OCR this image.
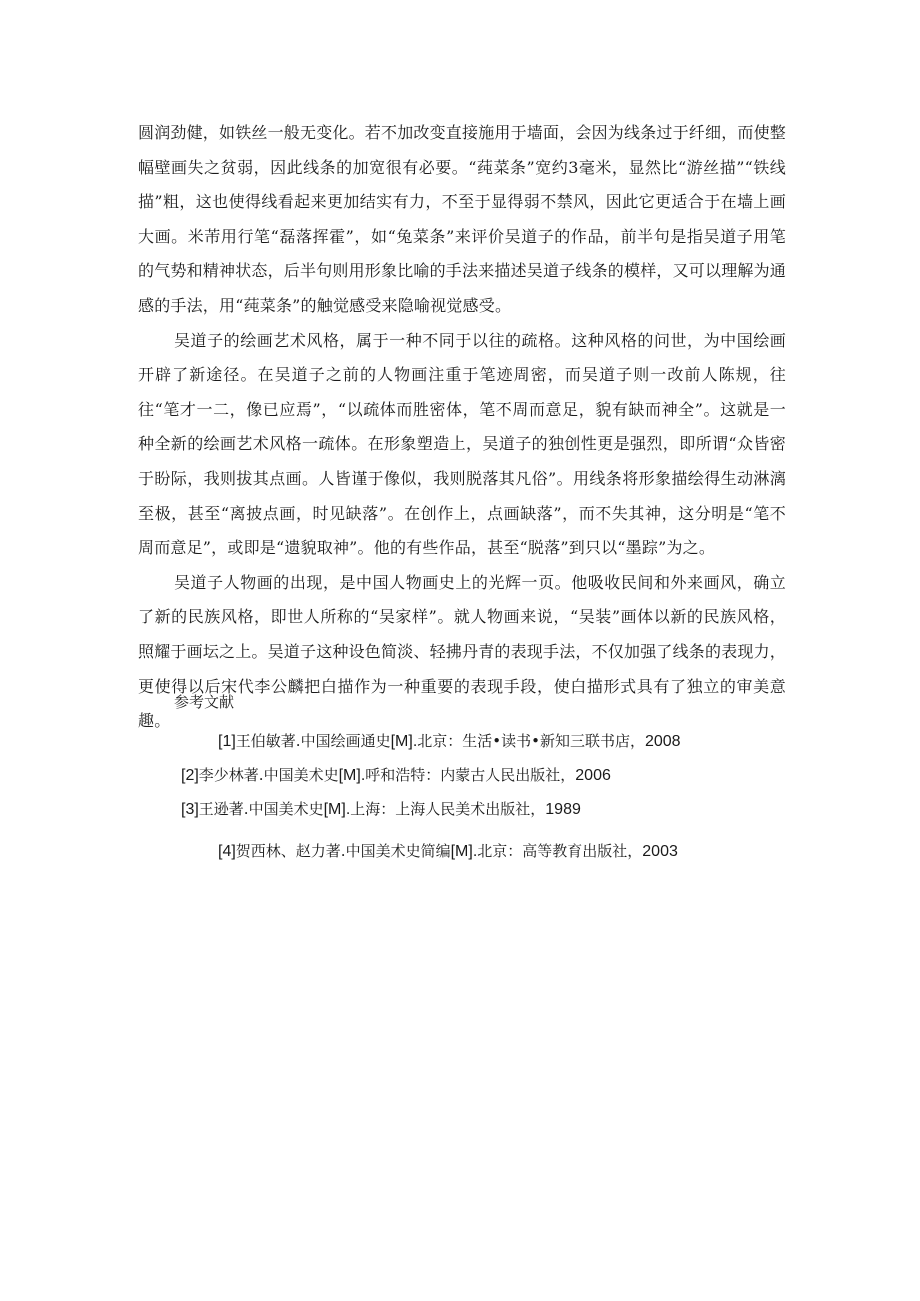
圆润劲健，如铁丝一般无变化。若不加改变直接施用于墙面，会因为线条过于纤细，而使整幅壁画失之贫弱，因此线条的加宽很有必要。“莼菜条”宽约3毫米，显然比“游丝描”“铁线描”粗，这也使得线看起来更加结实有力，不至于显得弱不禁风，因此它更适合于在墙上画大画。米芾用行笔“磊落挥霍”，如“兔菜条”来评价吴道子的作品，前半句是指吴道子用笔的气势和精神状态，后半句则用形象比喻的手法来描述吴道子线条的模样，又可以理解为通感的手法，用“莼菜条”的触觉感受来隐喻视觉感受。

吴道子的绘画艺术风格，属于一种不同于以往的疏格。这种风格的问世，为中国绘画开辟了新途径。在吴道子之前的人物画注重于笔迹周密，而吴道子则一改前人陈规，往往“笔才一二，像已应焉”，“以疏体而胜密体，笔不周而意足，貌有缺而神全”。这就是一种全新的绘画艺术风格一疏体。在形象塑造上，吴道子的独创性更是强烈，即所谓“众皆密于盼际，我则拔其点画。人皆谨于像似，我则脱落其凡俗”。用线条将形象描绘得生动淋漓至极，甚至“离披点画，时见缺落”。在创作上，点画缺落”，而不失其神，这分明是“笔不周而意足”，或即是“遗貌取神”。他的有些作品，甚至“脱落”到只以“墨踪”为之。

吴道子人物画的出现，是中国人物画史上的光辉一页。他吸收民间和外来画风，确立了新的民族风格，即世人所称的“吴家样”。就人物画来说，“吴装”画体以新的民族风格，照耀于画坛之上。吴道子这种设色简淡、轻拂丹青的表现手法，不仅加强了线条的表现力，更使得以后宋代李公麟把白描作为一种重要的表现手段，使白描形式具有了独立的审美意趣。

参考文献

[1]王伯敏著.中国绘画通史[M].北京：生活•读书•新知三联书店，2008

[2]李少林著.中国美术史[M].呼和浩特：内蒙古人民出版社，2006

[3]王逊著.中国美术史[M].上海：上海人民美术出版社，1989

[4]贺西林、赵力著.中国美术史简编[M].北京：高等教育出版社，2003
